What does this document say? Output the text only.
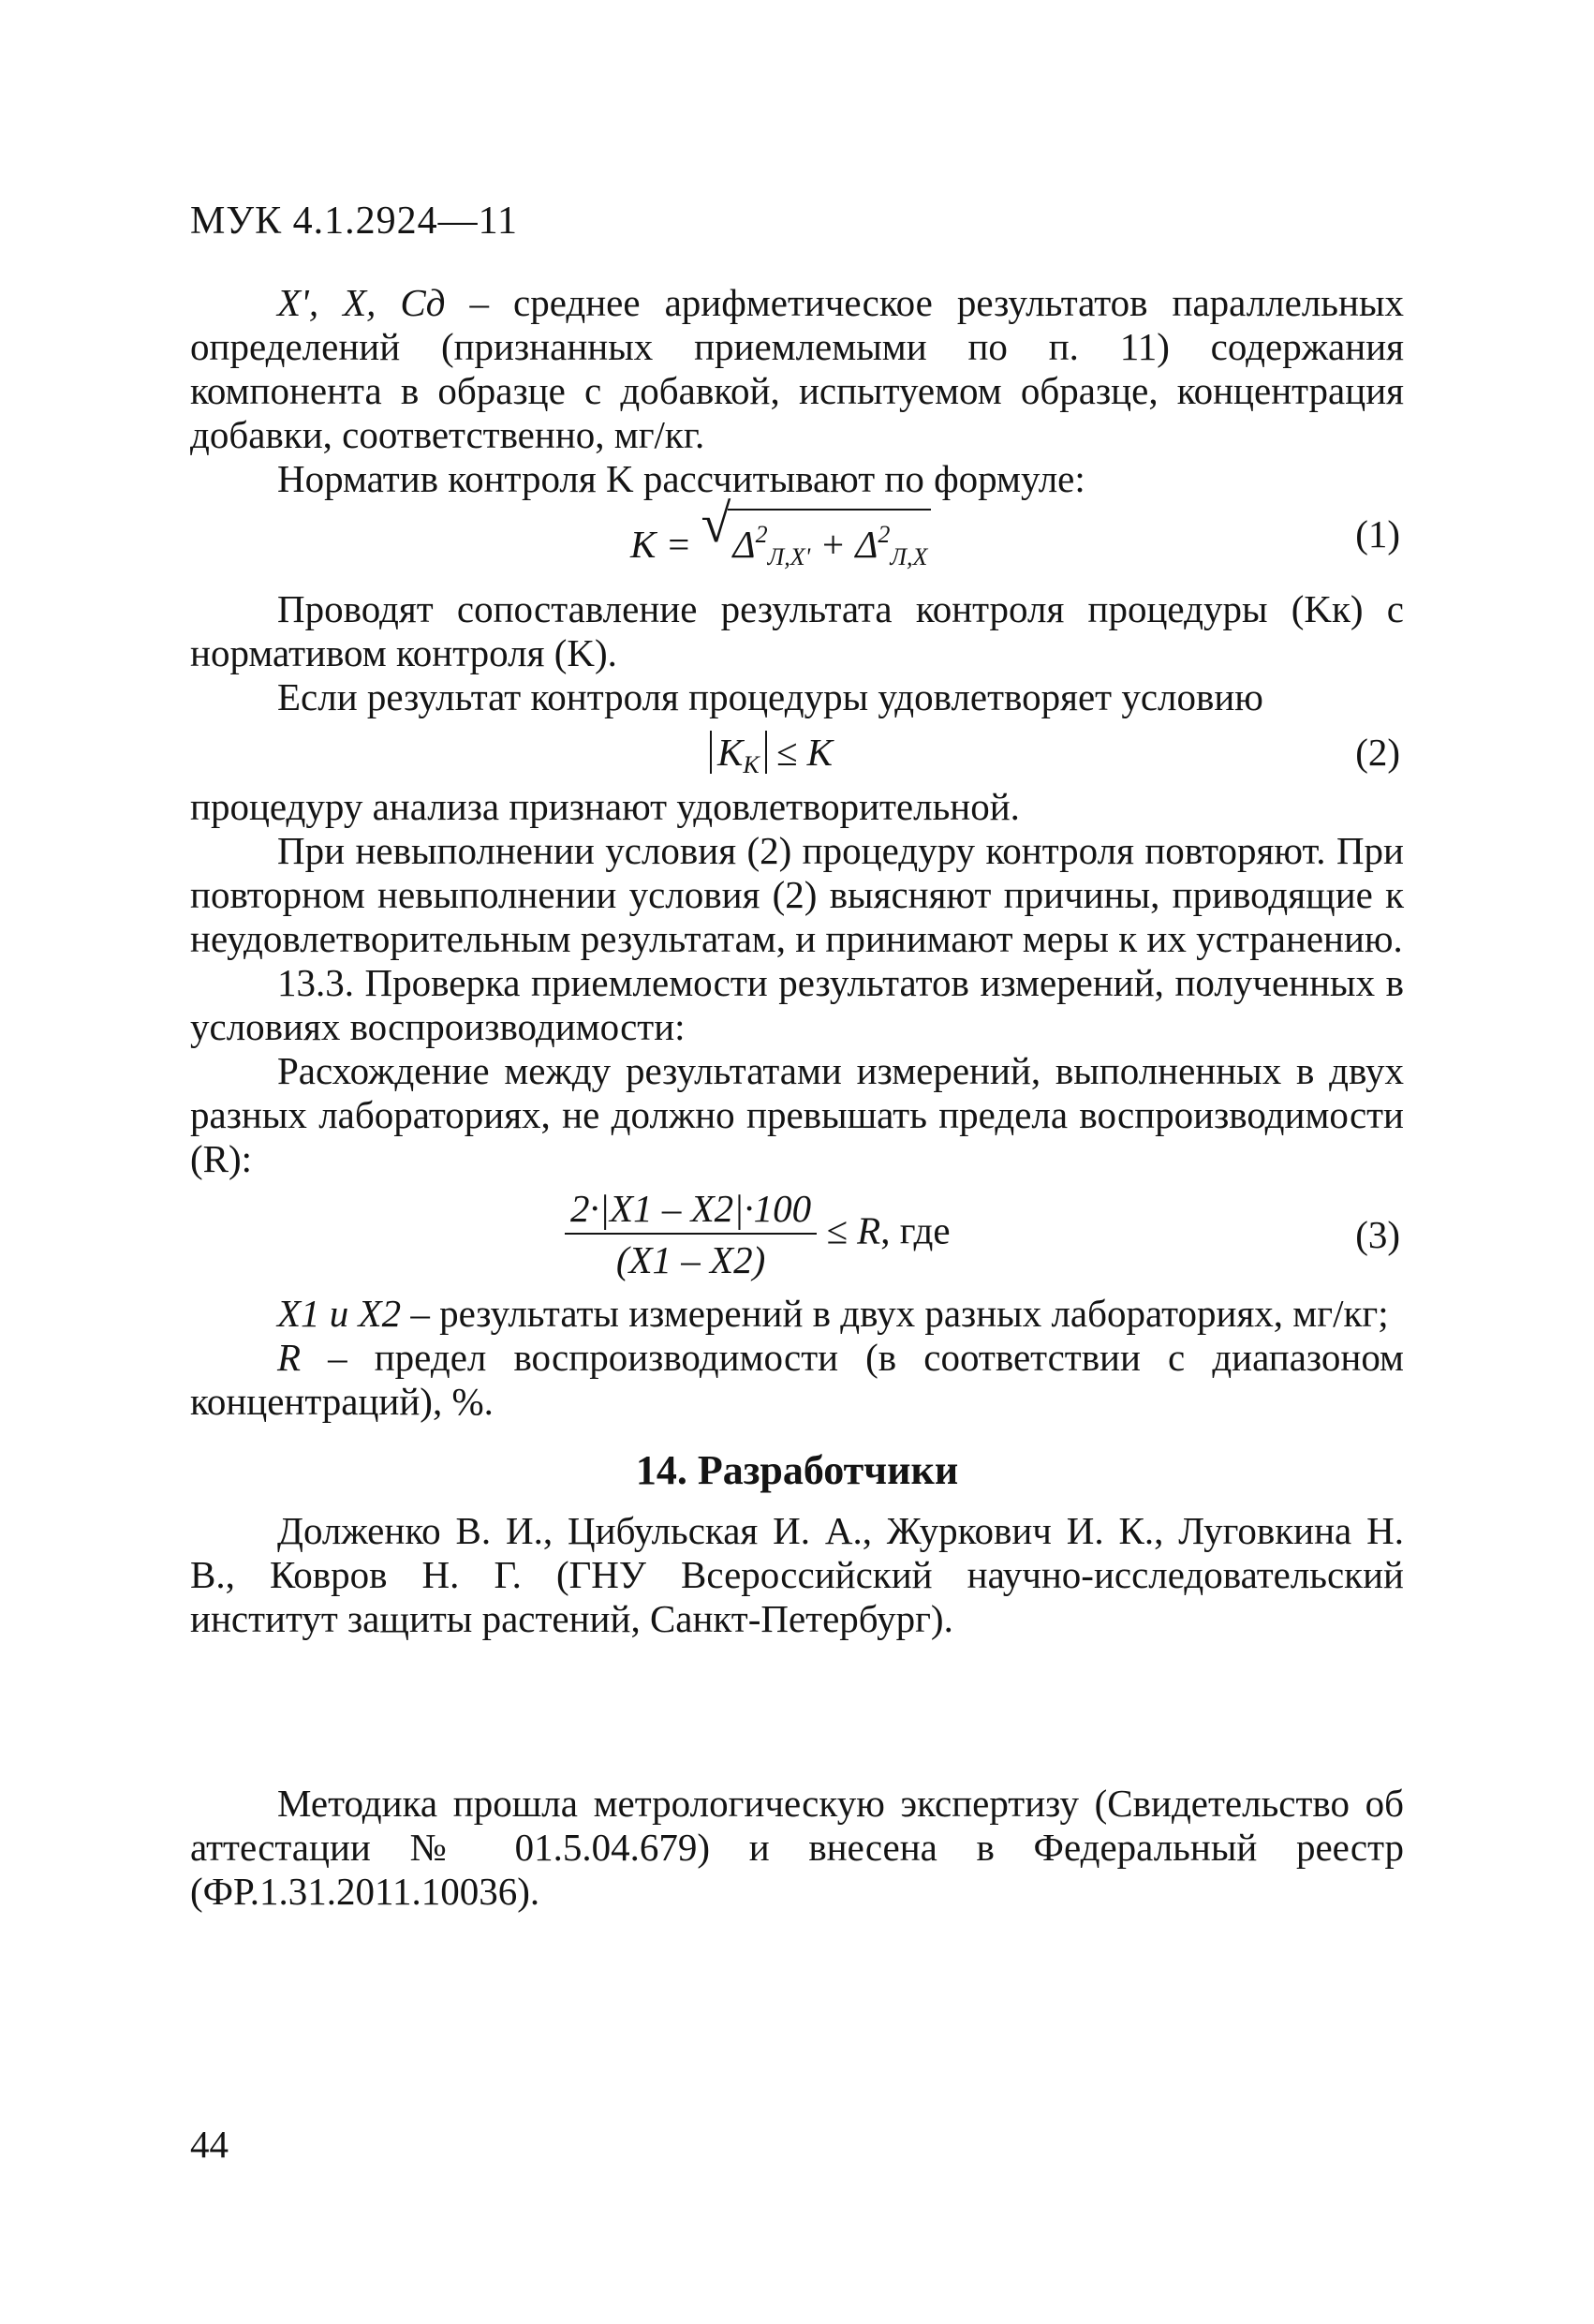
МУК 4.1.2924—11

X', X, Cд – среднее арифметическое результатов параллельных определений (признанных приемлемыми по п. 11) содержания компонента в образце с добавкой, испытуемом образце, концентрация добавки, соответственно, мг/кг.

Норматив контроля K рассчитывают по формуле:

K = √ $\Delta^2_{Л,X'} + \Delta^2_{Л,X}$
(1)

Проводят сопоставление результата контроля процедуры (Kк) с нормативом контроля (K).

Если результат контроля процедуры удовлетворяет условию

$K_К \le K$	(2)

процедуру анализа признают удовлетворительной.

При невыполнении условия (2) процедуру контроля повторяют. При повторном невыполнении условия (2) выясняют причины, приводящие к неудовлетворительным результатам, и принимают меры к их устранению.

13.3. Проверка приемлемости результатов измерений, полученных в условиях воспроизводимости:

Расхождение между результатами измерений, выполненных в двух разных лабораториях, не должно превышать предела воспроизводимости (R):

$\frac{2\cdot|X1 - X2|\cdot 100}{(X1 - X2)} \le R$, где	(3)

X1 и X2 – результаты измерений в двух разных лабораториях, мг/кг;

R – предел воспроизводимости (в соответствии с диапазоном концентраций), %.

14. Разработчики

Долженко В. И., Цибульская И. А., Журкович И. К., Луговкина Н. В., Ковров Н. Г. (ГНУ Всероссийский научно-исследовательский институт защиты растений, Санкт-Петербург).

Методика прошла метрологическую экспертизу (Свидетельство об аттестации № 01.5.04.679) и внесена в Федеральный реестр (ФР.1.31.2011.10036).

44
